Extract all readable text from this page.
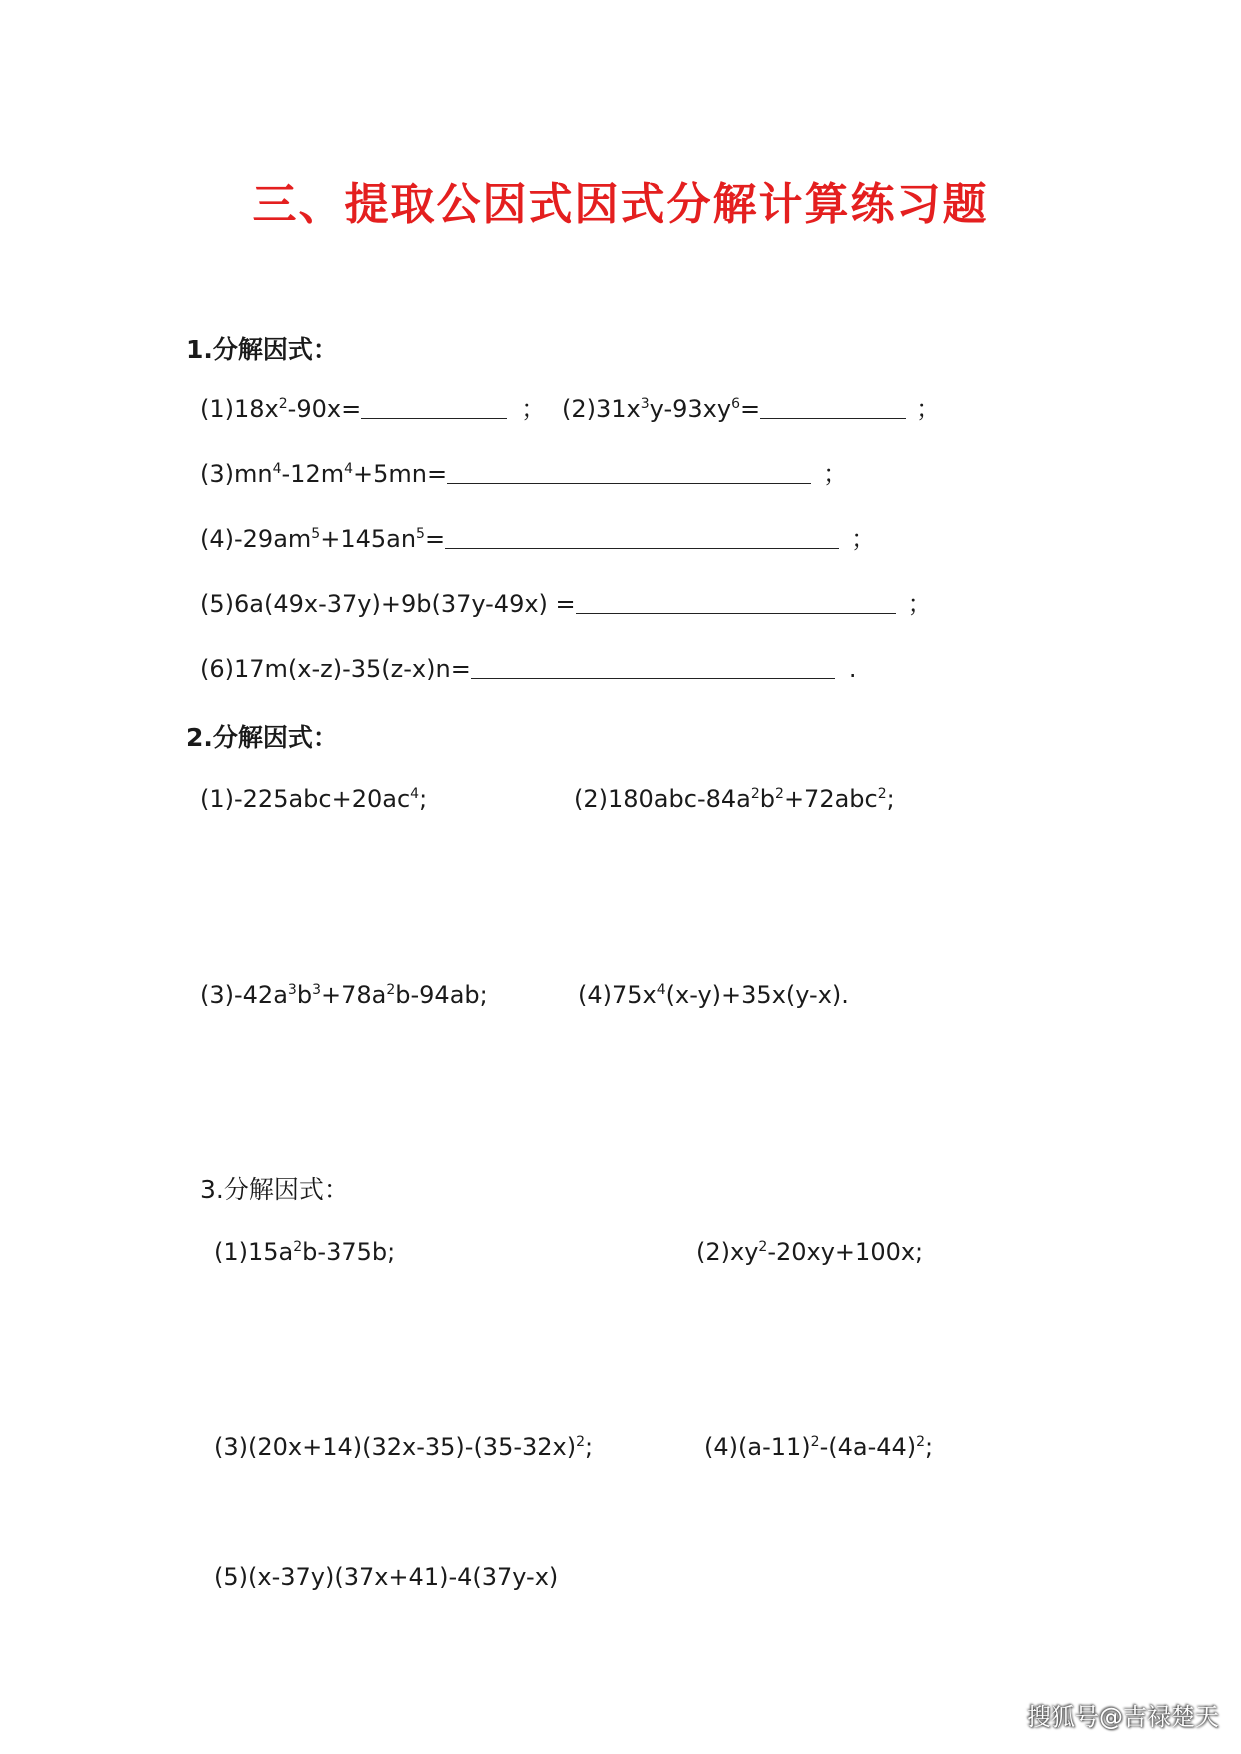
三、提取公因式因式分解计算练习题
1.分解因式：
$(1)18x^2-90x=$	； $(2)31x^3y-93xy^6=$	；
$(3)mn^4-12m^4+5mn=$	；
$(4)-29am^5+145an^5=$	；
(5)6a(49x-37y)+9b(37y-49x) =	；
(6)17m(x-z)-35(z-x)n=	.
2.分解因式：
$(1)-225abc+20ac^4$;	$(2)180abc-84a^2b^2+72abc^2$;
$(3)-42a^3b^3+78a^2b-94ab$;	$(4)75x^4(x-y)+35x(y-x)$.
3.分解因式：
$(1)15a^2b-375b$;	$(2)xy^2-20xy+100x$;
$(3)(20x+14)(32x-35)-(35-32x)^2$;	$(4)(a-11)^2-(4a-44)^2$;
(5)(x-37y)(37x+41)-4(37y-x)
搜狐号@吉禄楚天
